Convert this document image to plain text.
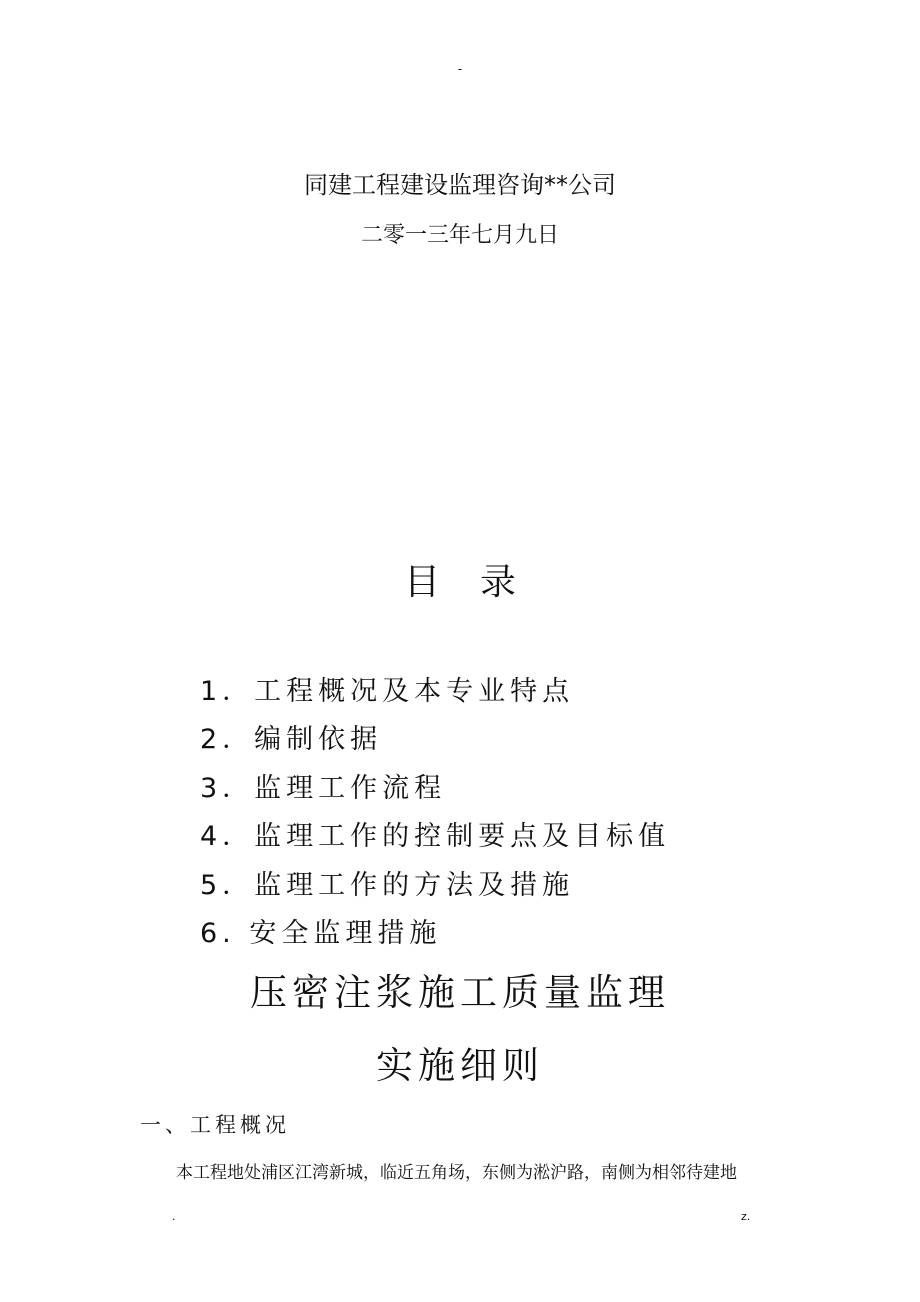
-
同建工程建设监理咨询**公司
二零一三年七月九日
目录
1．工程概况及本专业特点
2．编制依据
3．监理工作流程
4．监理工作的控制要点及目标值
5．监理工作的方法及措施
6. 安全监理措施
压密注浆施工质量监理
实施细则
一、工程概况
本工程地处浦区江湾新城，临近五角场，东侧为淞沪路，南侧为相邻待建地
.	z.
